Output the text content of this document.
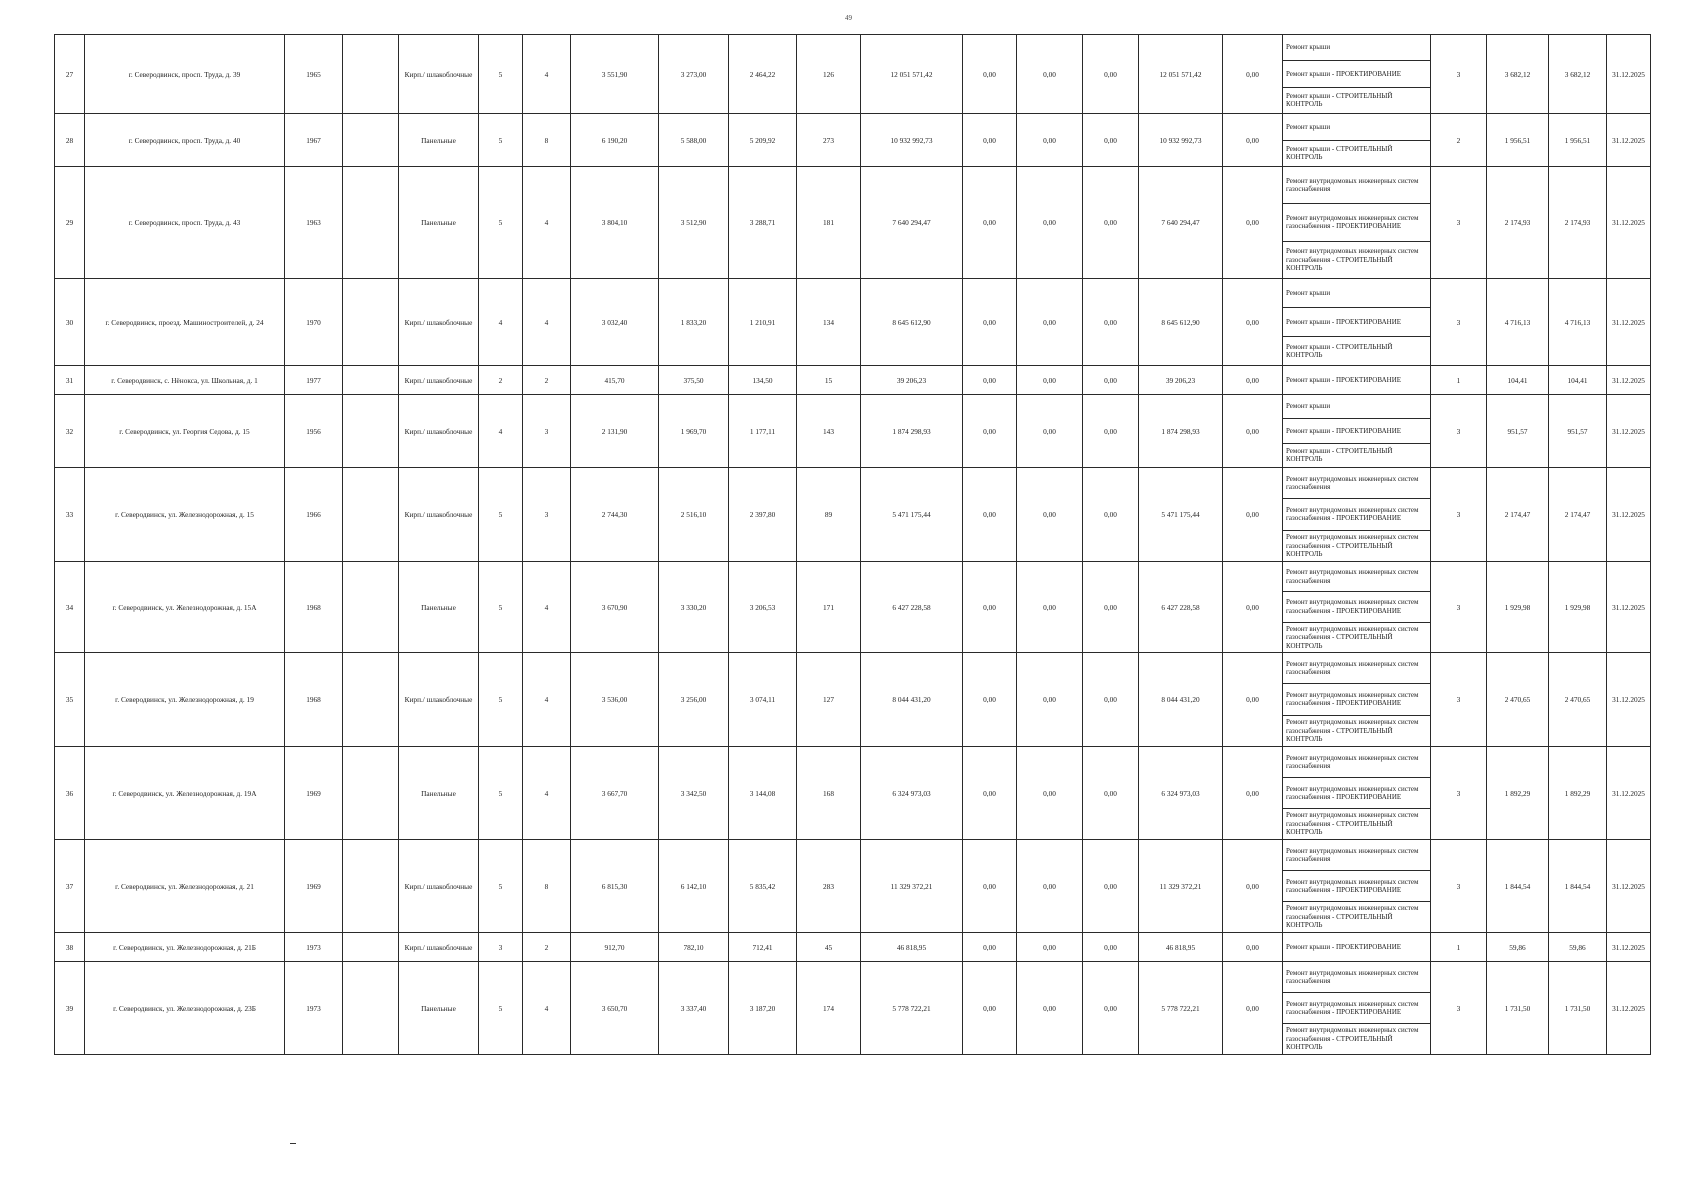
49
27	г. Северодвинск, просп. Труда, д. 39	1965		Кирп./ шлакоблочные	5	4	3 551,90	3 273,00	2 464,22	126	12 051 571,42	0,00	0,00	0,00	12 051 571,42	0,00	Ремонт крыши
Ремонт крыши - ПРОЕКТИРОВАНИЕ
Ремонт крыши - СТРОИТЕЛЬНЫЙ КОНТРОЛЬ	3	3 682,12	3 682,12	31.12.2025
28	г. Северодвинск, просп. Труда, д. 40	1967		Панельные	5	8	6 190,20	5 588,00	5 209,92	273	10 932 992,73	0,00	0,00	0,00	10 932 992,73	0,00	Ремонт крыши
Ремонт крыши - СТРОИТЕЛЬНЫЙ КОНТРОЛЬ	2	1 956,51	1 956,51	31.12.2025
29	г. Северодвинск, просп. Труда, д. 43	1963		Панельные	5	4	3 804,10	3 512,90	3 288,71	181	7 640 294,47	0,00	0,00	0,00	7 640 294,47	0,00	Ремонт внутридомовых инженерных систем газоснабжения
Ремонт внутридомовых инженерных систем газоснабжения - ПРОЕКТИРОВАНИЕ
Ремонт внутридомовых инженерных систем газоснабжения - СТРОИТЕЛЬНЫЙ КОНТРОЛЬ	3	2 174,93	2 174,93	31.12.2025
30	г. Северодвинск, проезд. Машиностроителей, д. 24	1970		Кирп./ шлакоблочные	4	4	3 032,40	1 833,20	1 210,91	134	8 645 612,90	0,00	0,00	0,00	8 645 612,90	0,00	Ремонт крыши
Ремонт крыши - ПРОЕКТИРОВАНИЕ
Ремонт крыши - СТРОИТЕЛЬНЫЙ КОНТРОЛЬ	3	4 716,13	4 716,13	31.12.2025
31	г. Северодвинск, с. Нёнокса, ул. Школьная, д. 1	1977		Кирп./ шлакоблочные	2	2	415,70	375,50	134,50	15	39 206,23	0,00	0,00	0,00	39 206,23	0,00	Ремонт крыши - ПРОЕКТИРОВАНИЕ	1	104,41	104,41	31.12.2025
32	г. Северодвинск, ул. Георгия Седова, д. 15	1956		Кирп./ шлакоблочные	4	3	2 131,90	1 969,70	1 177,11	143	1 874 298,93	0,00	0,00	0,00	1 874 298,93	0,00	Ремонт крыши
Ремонт крыши - ПРОЕКТИРОВАНИЕ
Ремонт крыши - СТРОИТЕЛЬНЫЙ КОНТРОЛЬ	3	951,57	951,57	31.12.2025
33	г. Северодвинск, ул. Железнодорожная, д. 15	1966		Кирп./ шлакоблочные	5	3	2 744,30	2 516,10	2 397,80	89	5 471 175,44	0,00	0,00	0,00	5 471 175,44	0,00	Ремонт внутридомовых инженерных систем газоснабжения
Ремонт внутридомовых инженерных систем газоснабжения - ПРОЕКТИРОВАНИЕ
Ремонт внутридомовых инженерных систем газоснабжения - СТРОИТЕЛЬНЫЙ КОНТРОЛЬ	3	2 174,47	2 174,47	31.12.2025
34	г. Северодвинск, ул. Железнодорожная, д. 15А	1968		Панельные	5	4	3 670,90	3 330,20	3 206,53	171	6 427 228,58	0,00	0,00	0,00	6 427 228,58	0,00	Ремонт внутридомовых инженерных систем газоснабжения
Ремонт внутридомовых инженерных систем газоснабжения - ПРОЕКТИРОВАНИЕ
Ремонт внутридомовых инженерных систем газоснабжения - СТРОИТЕЛЬНЫЙ КОНТРОЛЬ	3	1 929,98	1 929,98	31.12.2025
35	г. Северодвинск, ул. Железнодорожная, д. 19	1968		Кирп./ шлакоблочные	5	4	3 536,00	3 256,00	3 074,11	127	8 044 431,20	0,00	0,00	0,00	8 044 431,20	0,00	Ремонт внутридомовых инженерных систем газоснабжения
Ремонт внутридомовых инженерных систем газоснабжения - ПРОЕКТИРОВАНИЕ
Ремонт внутридомовых инженерных систем газоснабжения - СТРОИТЕЛЬНЫЙ КОНТРОЛЬ	3	2 470,65	2 470,65	31.12.2025
36	г. Северодвинск, ул. Железнодорожная, д. 19А	1969		Панельные	5	4	3 667,70	3 342,50	3 144,08	168	6 324 973,03	0,00	0,00	0,00	6 324 973,03	0,00	Ремонт внутридомовых инженерных систем газоснабжения
Ремонт внутридомовых инженерных систем газоснабжения - ПРОЕКТИРОВАНИЕ
Ремонт внутридомовых инженерных систем газоснабжения - СТРОИТЕЛЬНЫЙ КОНТРОЛЬ	3	1 892,29	1 892,29	31.12.2025
37	г. Северодвинск, ул. Железнодорожная, д. 21	1969		Кирп./ шлакоблочные	5	8	6 815,30	6 142,10	5 835,42	283	11 329 372,21	0,00	0,00	0,00	11 329 372,21	0,00	Ремонт внутридомовых инженерных систем газоснабжения
Ремонт внутридомовых инженерных систем газоснабжения - ПРОЕКТИРОВАНИЕ
Ремонт внутридомовых инженерных систем газоснабжения - СТРОИТЕЛЬНЫЙ КОНТРОЛЬ	3	1 844,54	1 844,54	31.12.2025
38	г. Северодвинск, ул. Железнодорожная, д. 21Б	1973		Кирп./ шлакоблочные	3	2	912,70	782,10	712,41	45	46 818,95	0,00	0,00	0,00	46 818,95	0,00	Ремонт крыши - ПРОЕКТИРОВАНИЕ	1	59,86	59,86	31.12.2025
39	г. Северодвинск, ул. Железнодорожная, д. 23Б	1973		Панельные	5	4	3 650,70	3 337,40	3 187,20	174	5 778 722,21	0,00	0,00	0,00	5 778 722,21	0,00	Ремонт внутридомовых инженерных систем газоснабжения
Ремонт внутридомовых инженерных систем газоснабжения - ПРОЕКТИРОВАНИЕ
Ремонт внутридомовых инженерных систем газоснабжения - СТРОИТЕЛЬНЫЙ КОНТРОЛЬ	3	1 731,50	1 731,50	31.12.2025
